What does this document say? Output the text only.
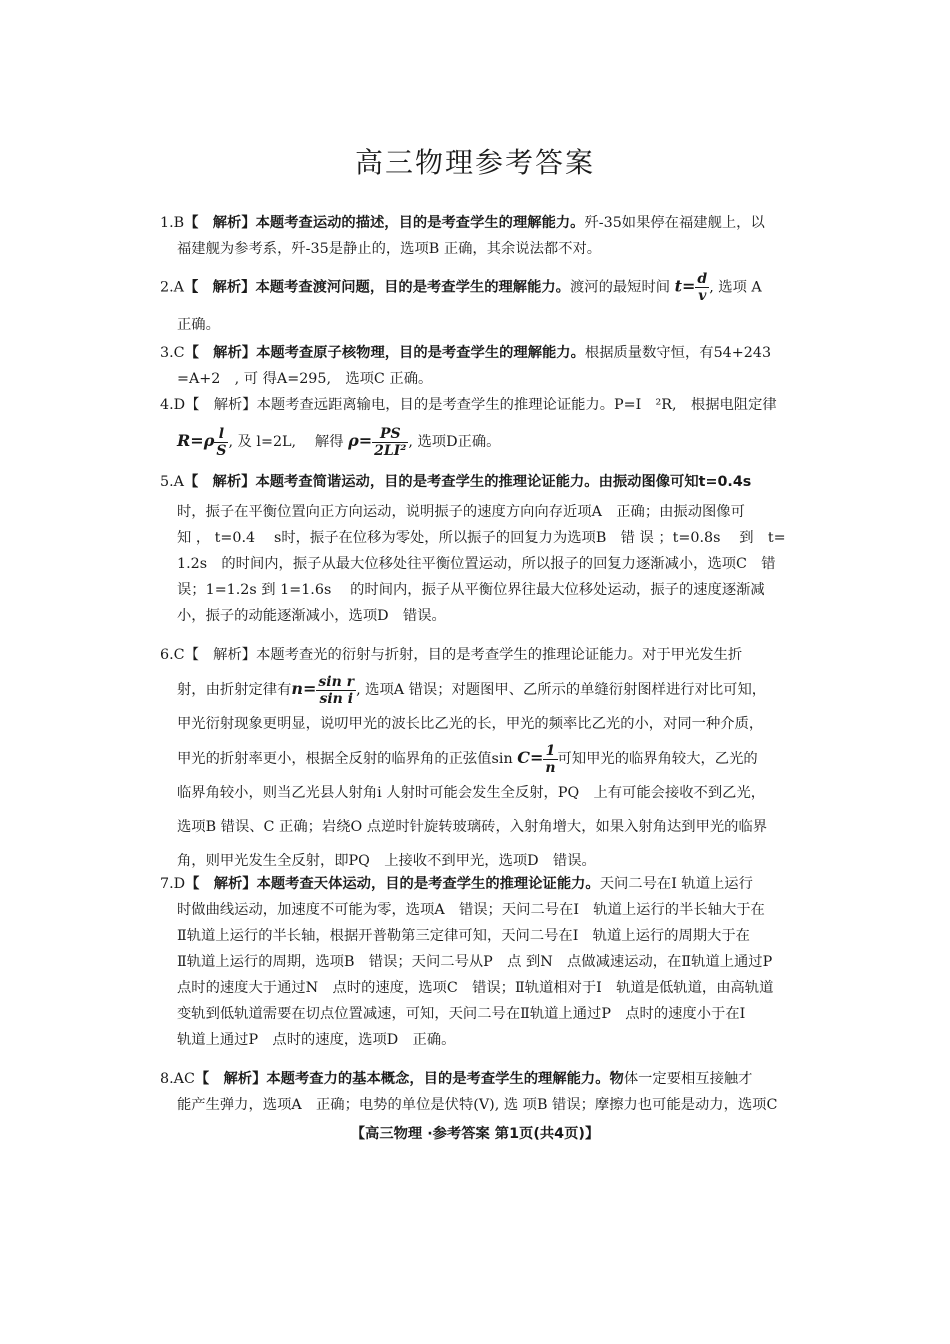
高三物理参考答案

1.B【　解析】本题考查运动的描述，目的是考查学生的理解能力。歼-35如果停在福建舰上，以

福建舰为参考系，歼-35是静止的，选项B 正确，其余说法都不对。

2.A【　解析】本题考查渡河问题，目的是考查学生的理解能力。渡河的最短时间 $t= \frac{d}{v}$ , 选项 A

正确。

3.C【　解析】本题考查原子核物理，目的是考查学生的理解能力。根据质量数守恒，有54+243

=A+2　, 可 得A=295,　选项C 正确。

4.D【　解析】本题考查远距离输电，目的是考查学生的推理论证能力。P=I　²R,　根据电阻定律

$R=\rho \frac{l}{S}$ , 及 l=2L,　 解得 $\rho= \frac{PS}{\text{2LI²}}$ , 选项D正确。

5.A【　解析】本题考查简谐运动，目的是考查学生的推理论证能力。由振动图像可知t=0.4s

时，振子在平衡位置向正方向运动，说明振子的速度方向向存近项A　正确；由振动图像可

知 ， t=0.4　 s时，振子在位移为零处，所以振子的回复力为选项B　错 误 ；t=0.8s　 到　t=

1.2s　的时间内，振子从最大位移处往平衡位置运动，所以报子的回复力逐渐减小，选项C　错

误；1=1.2s 到 1=1.6s　 的时间内，振子从平衡位界往最大位移处运动，振子的速度逐渐减

小，振子的动能逐渐减小，选项D　错误。

6.C【　解析】本题考查光的衍射与折射，目的是考查学生的推理论证能力。对于甲光发生折

射，由折射定律有$n= \frac{\text{sin r}}{\text{sin i}}$ , 选项A 错误；对题图甲、乙所示的单缝衍射图样进行对比可知，

甲光衍射现象更明显，说叨甲光的波长比乙光的长，甲光的频率比乙光的小，对同一种介质，

甲光的折射率更小，根据全反射的临界角的正弦值$\sin C= \frac{1}{n}$ 可知甲光的临界角较大，乙光的

临界角较小，则当乙光县人射角i 人射时可能会发生全反射，PQ　上有可能会接收不到乙光，

选项B 错误、C 正确；岩绕O 点逆时针旋转玻璃砖，入射角增大，如果入射角达到甲光的临界

角，则甲光发生全反射，即PQ　上接收不到甲光，选项D　错误。

7.D【　解析】本题考查天体运动，目的是考查学生的推理论证能力。天问二号在I 轨道上运行

时做曲线运动，加速度不可能为零，选项A　错误；天问二号在I　轨道上运行的半长轴大于在

Ⅱ轨道上运行的半长轴，根据开普勒第三定律可知，天问二号在I　轨道上运行的周期大于在

Ⅱ轨道上运行的周期，选项B　错误；天问二号从P　点 到N　点做减速运动，在Ⅱ轨道上通过P

点时的速度大于通过N　点时的速度，选项C　错误；Ⅱ轨道相对于I　轨道是低轨道，由高轨道

变轨到低轨道需要在切点位置减速，可知，天问二号在Ⅱ轨道上通过P　点时的速度小于在I

轨道上通过P　点时的速度，选项D　正确。

8.AC【　解析】本题考查力的基本概念，目的是考查学生的理解能力。物体一定要相互接触才

能产生弹力，选项A　正确；电势的单位是伏特(V), 选 项B 错误；摩擦力也可能是动力，选项C

【高三物理 ·参考答案 第1页(共4页)】
